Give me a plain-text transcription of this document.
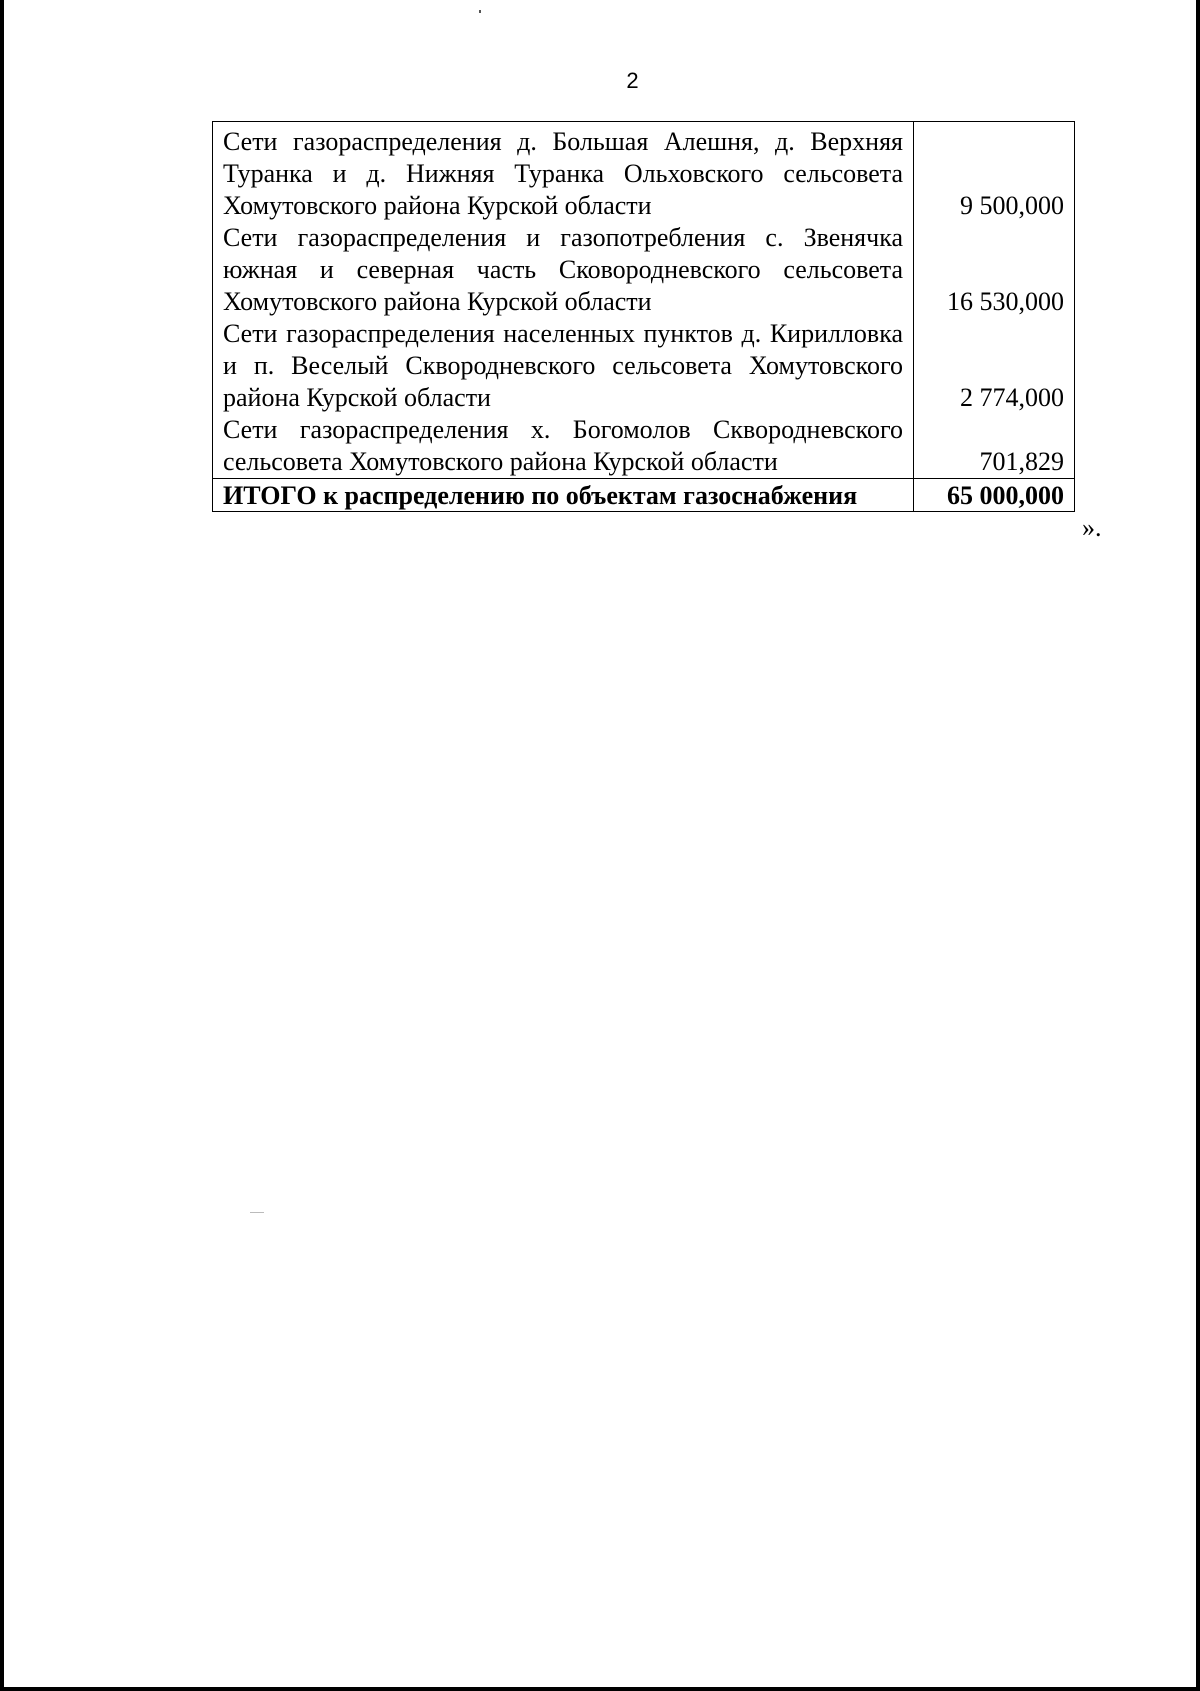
2
Сети газораспределения д. Большая Алешня, д. Верхняя Туранка и д. Нижняя Туранка Ольховского сельсовета Хомутовского района Курской области	9 500,000
Сети газораспределения и газопотребления с. Звенячка южная и северная часть Сковородневского сельсовета Хомутовского района Курской области	16 530,000
Сети газораспределения населенных пунктов д. Кирилловка и п. Веселый Сквородневского сельсовета Хомутовского района Курской области	2 774,000
Сети газораспределения х. Богомолов Сквородневского сельсовета Хомутовского района Курской области	701,829
ИТОГО к распределению по объектам газоснабжения	65 000,000
».
